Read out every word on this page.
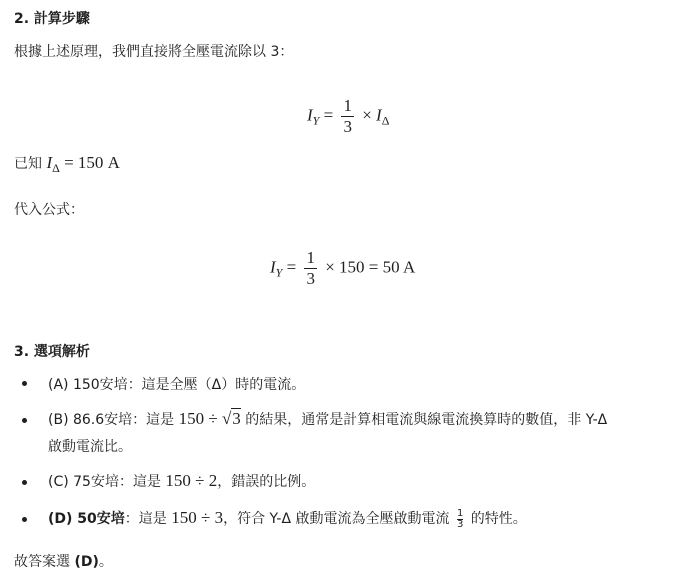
2. 計算步驟
根據上述原理，我們直接將全壓電流除以 3：
$I_Y = \frac{1}{3} \times I_\Delta$
已知 $I_\Delta = 150$ A
代入公式：
$I_Y = \frac{1}{3} \times 150 = 50$ A
3. 選項解析
(A) 150安培：這是全壓（Δ）時的電流。
(B) 86.6安培：這是 150 ÷ √3 的結果，通常是計算相電流與線電流換算時的數值，非 Y-Δ
啟動電流比。
(C) 75安培：這是 150 ÷ 2，錯誤的比例。
(D) 50安培：這是 150 ÷ 3，符合 Y-Δ 啟動電流為全壓啟動電流 $\frac{1}{3}$ 的特性。
故答案選 (D)。
